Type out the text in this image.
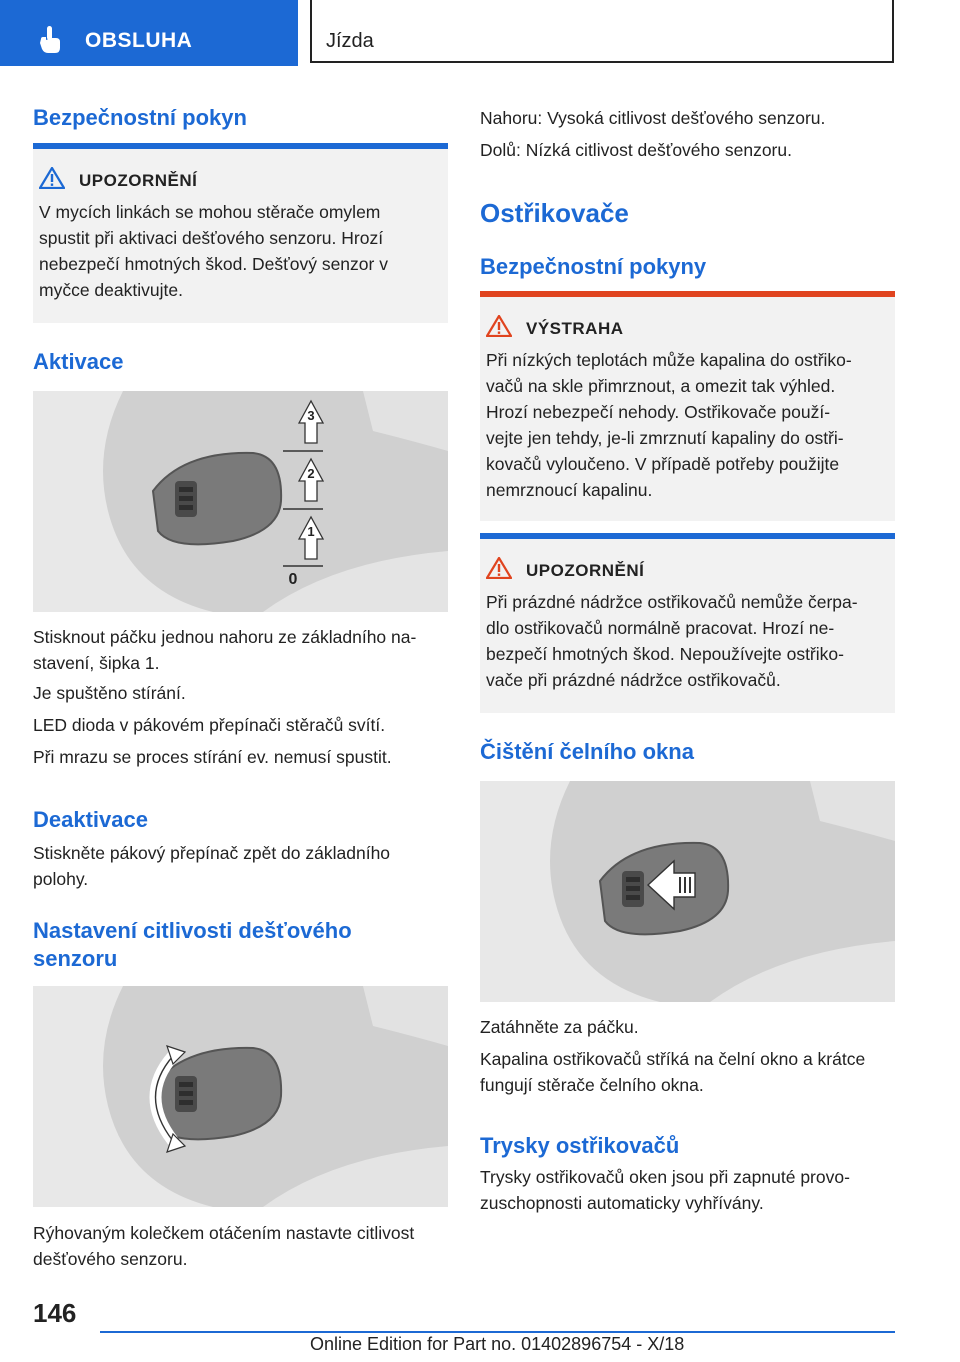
OBSLUHA	Jízda
Bezpečnostní pokyn
UPOZORNĚNÍ
V mycích linkách se mohou stěrače omylem
spustit při aktivaci dešťového senzoru. Hrozí
nebezpečí hmotných škod. Dešťový senzor v
myčce deaktivujte.
Aktivace
3
2
1
0
Stisknout páčku jednou nahoru ze základního na-
stavení, šipka 1.
Je spuštěno stírání.
LED dioda v pákovém přepínači stěračů svítí.
Při mrazu se proces stírání ev. nemusí spustit.
Deaktivace
Stiskněte pákový přepínač zpět do základního
polohy.
Nastavení citlivosti dešťového
senzoru
Rýhovaným kolečkem otáčením nastavte citlivost
dešťového senzoru.
Nahoru: Vysoká citlivost dešťového senzoru.
Dolů: Nízká citlivost dešťového senzoru.
Ostřikovače
Bezpečnostní pokyny
VÝSTRAHA
Při nízkých teplotách může kapalina do ostřiko-
vačů na skle přimrznout, a omezit tak výhled.
Hrozí nebezpečí nehody. Ostřikovače použí-
vejte jen tehdy, je-li zmrznutí kapaliny do ostři-
kovačů vyloučeno. V případě potřeby použijte
nemrznoucí kapalinu.
UPOZORNĚNÍ
Při prázdné nádržce ostřikovačů nemůže čerpa-
dlo ostřikovačů normálně pracovat. Hrozí ne-
bezpečí hmotných škod. Nepoužívejte ostřiko-
vače při prázdné nádržce ostřikovačů.
Čištění čelního okna
Zatáhněte za páčku.
Kapalina ostřikovačů stříká na čelní okno a krátce
fungují stěrače čelního okna.
Trysky ostřikovačů
Trysky ostřikovačů oken jsou při zapnuté provo-
zuschopnosti automaticky vyhřívány.
146
Online Edition for Part no. 01402896754 - X/18
